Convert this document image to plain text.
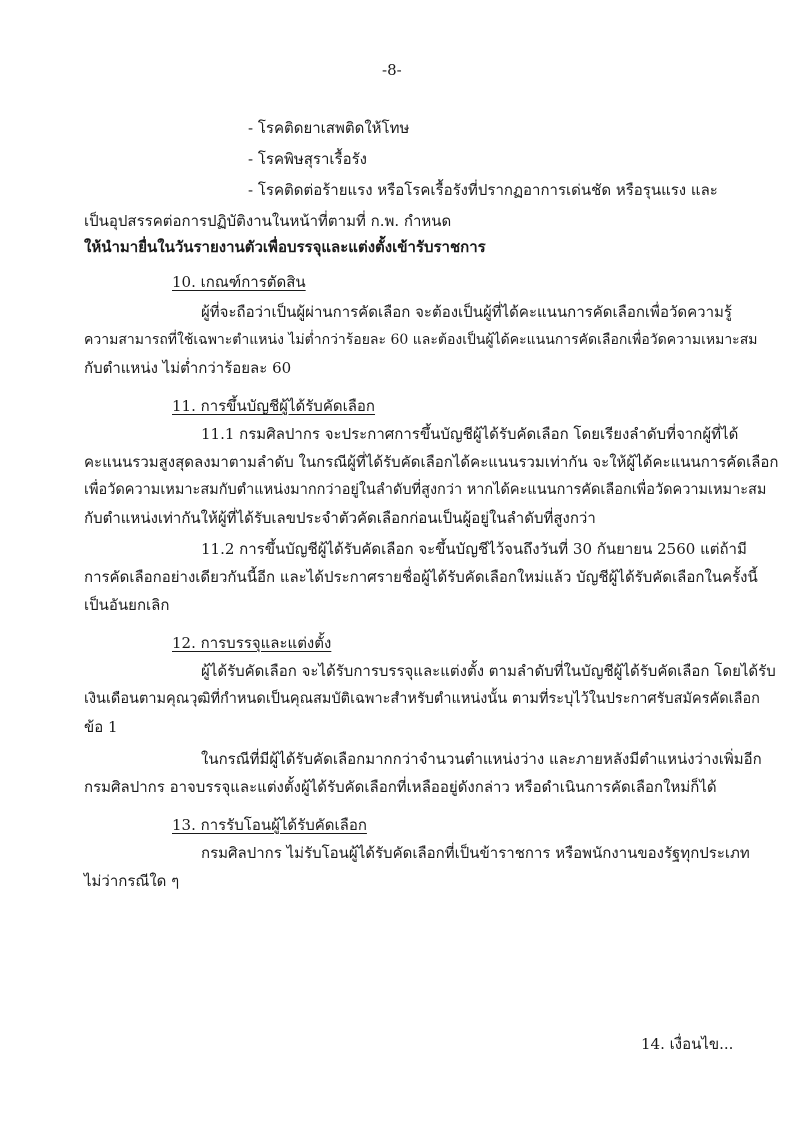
-8-
- โรคติดยาเสพติดให้โทษ
- โรคพิษสุราเรื้อรัง
- โรคติดต่อร้ายแรง หรือโรคเรื้อรังที่ปรากฏอาการเด่นชัด หรือรุนแรง และ
เป็นอุปสรรคต่อการปฏิบัติงานในหน้าที่ตามที่ ก.พ. กำหนด
ให้นำมายื่นในวันรายงานตัวเพื่อบรรจุและแต่งตั้งเข้ารับราชการ
10. เกณฑ์การตัดสิน
ผู้ที่จะถือว่าเป็นผู้ผ่านการคัดเลือก จะต้องเป็นผู้ที่ได้คะแนนการคัดเลือกเพื่อวัดความรู้
ความสามารถที่ใช้เฉพาะตำแหน่ง ไม่ต่ำกว่าร้อยละ 60 และต้องเป็นผู้ได้คะแนนการคัดเลือกเพื่อวัดความเหมาะสม
กับตำแหน่ง ไม่ต่ำกว่าร้อยละ 60
11. การขึ้นบัญชีผู้ได้รับคัดเลือก
11.1 กรมศิลปากร จะประกาศการขึ้นบัญชีผู้ได้รับคัดเลือก โดยเรียงลำดับที่จากผู้ที่ได้
คะแนนรวมสูงสุดลงมาตามลำดับ ในกรณีผู้ที่ได้รับคัดเลือกได้คะแนนรวมเท่ากัน จะให้ผู้ได้คะแนนการคัดเลือก
เพื่อวัดความเหมาะสมกับตำแหน่งมากกว่าอยู่ในลำดับที่สูงกว่า หากได้คะแนนการคัดเลือกเพื่อวัดความเหมาะสม
กับตำแหน่งเท่ากันให้ผู้ที่ได้รับเลขประจำตัวคัดเลือกก่อนเป็นผู้อยู่ในลำดับที่สูงกว่า
11.2 การขึ้นบัญชีผู้ได้รับคัดเลือก จะขึ้นบัญชีไว้จนถึงวันที่ 30 กันยายน 2560 แต่ถ้ามี
การคัดเลือกอย่างเดียวกันนี้อีก และได้ประกาศรายชื่อผู้ได้รับคัดเลือกใหม่แล้ว บัญชีผู้ได้รับคัดเลือกในครั้งนี้
เป็นอันยกเลิก
12. การบรรจุและแต่งตั้ง
ผู้ได้รับคัดเลือก จะได้รับการบรรจุและแต่งตั้ง ตามลำดับที่ในบัญชีผู้ได้รับคัดเลือก โดยได้รับ
เงินเดือนตามคุณวุฒิที่กำหนดเป็นคุณสมบัติเฉพาะสำหรับตำแหน่งนั้น ตามที่ระบุไว้ในประกาศรับสมัครคัดเลือก
ข้อ 1
ในกรณีที่มีผู้ได้รับคัดเลือกมากกว่าจำนวนตำแหน่งว่าง และภายหลังมีตำแหน่งว่างเพิ่มอีก
กรมศิลปากร อาจบรรจุและแต่งตั้งผู้ได้รับคัดเลือกที่เหลืออยู่ดังกล่าว หรือดำเนินการคัดเลือกใหม่ก็ได้
13. การรับโอนผู้ได้รับคัดเลือก
กรมศิลปากร ไม่รับโอนผู้ได้รับคัดเลือกที่เป็นข้าราชการ หรือพนักงานของรัฐทุกประเภท
ไม่ว่ากรณีใด ๆ
14. เงื่อนไข...
